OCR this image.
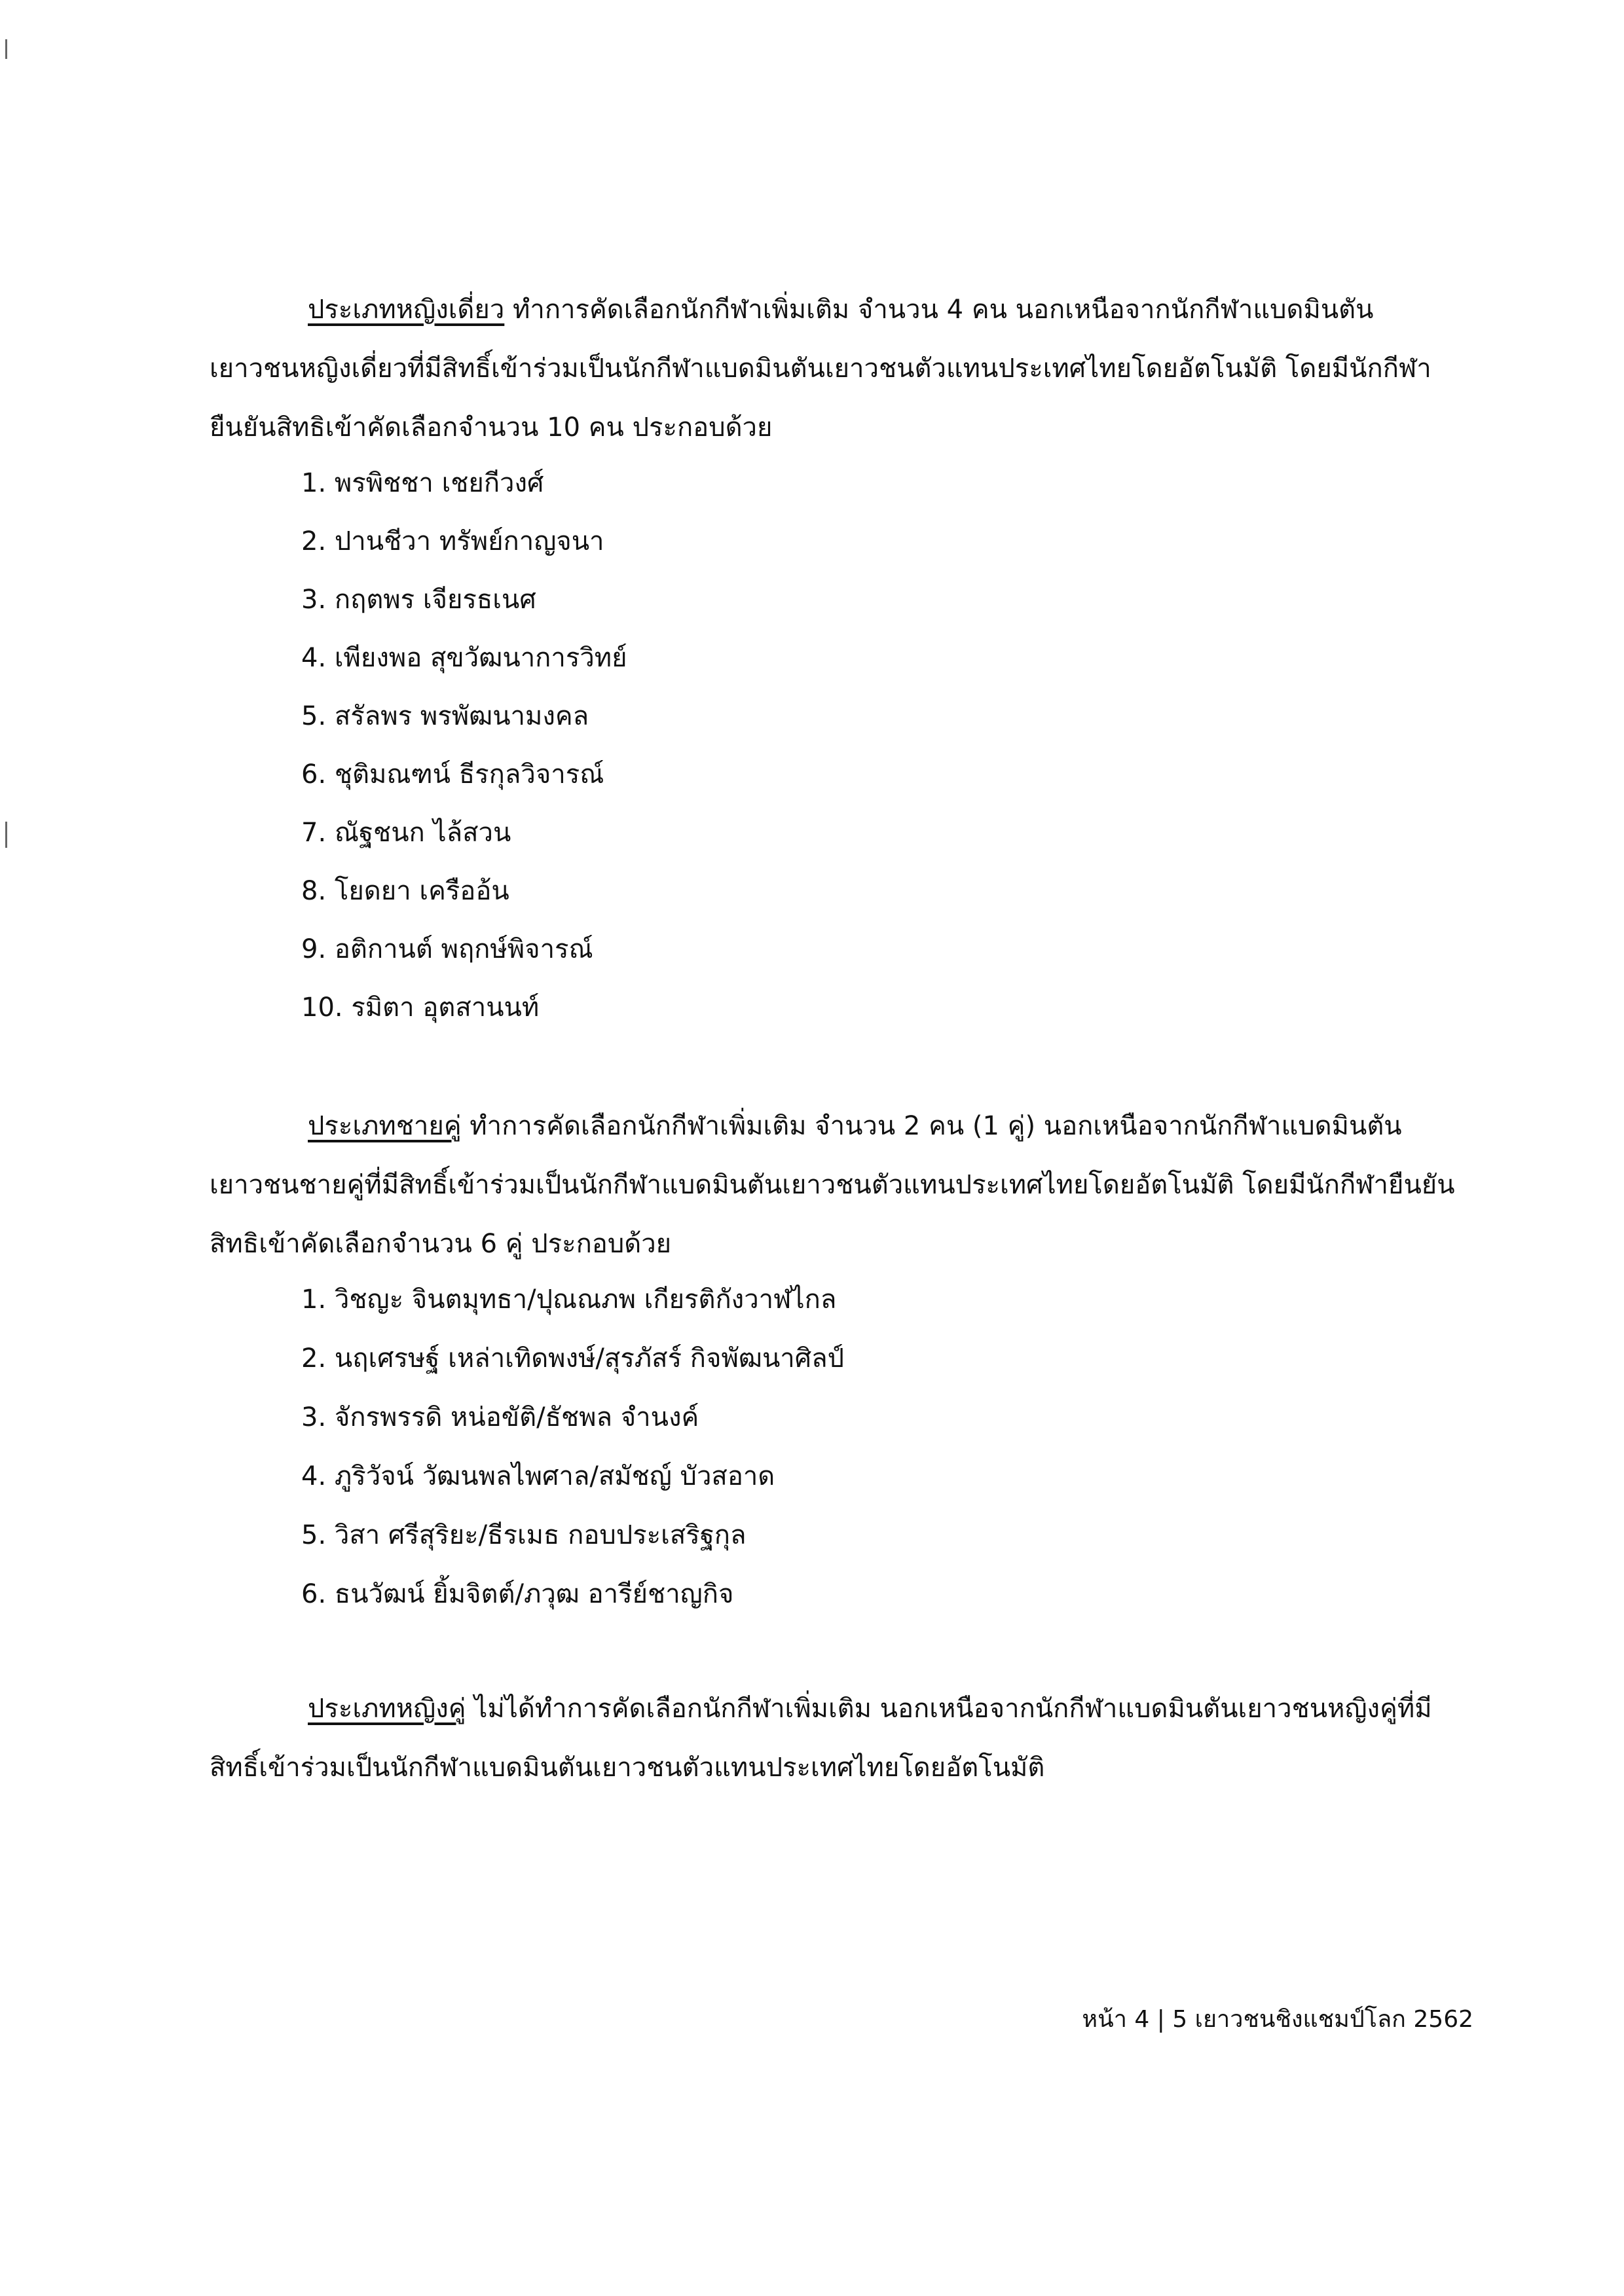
ประเภทหญิงเดี่ยว ทำการคัดเลือกนักกีฬาเพิ่มเติม จำนวน 4 คน นอกเหนือจากนักกีฬาแบดมินตัน
เยาวชนหญิงเดี่ยวที่มีสิทธิ์เข้าร่วมเป็นนักกีฬาแบดมินตันเยาวชนตัวแทนประเทศไทยโดยอัตโนมัติ โดยมีนักกีฬา
ยืนยันสิทธิเข้าคัดเลือกจำนวน 10 คน ประกอบด้วย
1. พรพิชชา เชยกีวงศ์
2. ปานชีวา ทรัพย์กาญจนา
3. กฤตพร เจียรธเนศ
4. เพียงพอ สุขวัฒนาการวิทย์
5. สรัลพร พรพัฒนามงคล
6. ชุติมณฑน์ ธีรกุลวิจารณ์
7. ณัฐชนก ไล้สวน
8. โยดยา เครืออ้น
9. อติกานต์ พฤกษ์พิจารณ์
10. รมิตา อุตสานนท์
ประเภทชายคู่ ทำการคัดเลือกนักกีฬาเพิ่มเติม จำนวน 2 คน (1 คู่) นอกเหนือจากนักกีฬาแบดมินตัน
เยาวชนชายคู่ที่มีสิทธิ์เข้าร่วมเป็นนักกีฬาแบดมินตันเยาวชนตัวแทนประเทศไทยโดยอัตโนมัติ โดยมีนักกีฬายืนยัน
สิทธิเข้าคัดเลือกจำนวน 6 คู่ ประกอบด้วย
1. วิชญะ จินตมุทธา/ปุณณภพ เกียรติกังวาฬไกล
2. นฤเศรษฐ์ เหล่าเทิดพงษ์/สุรภัสร์ กิจพัฒนาศิลป์
3. จักรพรรดิ หน่อขัติ/ธัชพล จำนงค์
4. ภูริวัจน์ วัฒนพลไพศาล/สมัชญ์ บัวสอาด
5. วิสา ศรีสุริยะ/ธีรเมธ กอบประเสริฐกุล
6. ธนวัฒน์ ยิ้มจิตต์/ภวุฒ อารีย์ชาญกิจ
ประเภทหญิงคู่ ไม่ได้ทำการคัดเลือกนักกีฬาเพิ่มเติม นอกเหนือจากนักกีฬาแบดมินตันเยาวชนหญิงคู่ที่มี
สิทธิ์เข้าร่วมเป็นนักกีฬาแบดมินตันเยาวชนตัวแทนประเทศไทยโดยอัตโนมัติ
หน้า 4 | 5 เยาวชนชิงแชมป์โลก 2562
